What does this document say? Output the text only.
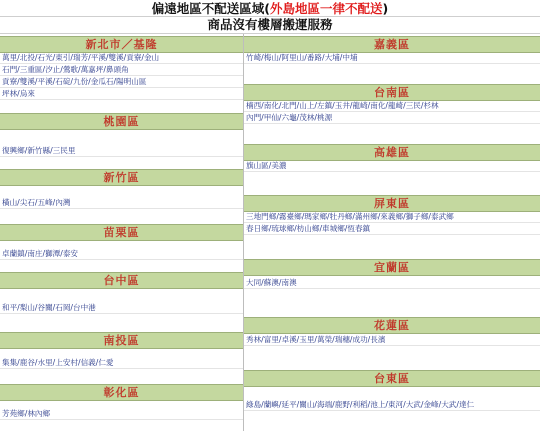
偏遠地區不配送區域(外島地區一律不配送)
商品沒有樓層搬運服務
新北市／基隆
萬里/北投/石光/東引/瑞芳/平溪/雙溪/貢寮/金山
石門/三重區/汐止/鶯歌/萬嘉坪/鼻頭角
貢寮/雙溪/平溪/石碇/九份/金瓜石/陽明山區
坪林/烏來
桃園區
復興鄉/新竹縣/三民里
新竹區
橫山/尖石/五峰/內灣
苗栗區
卓蘭鎮/南庄/獅潭/泰安
台中區
和平/梨山/谷關/石岡/台中港
南投區
集集/鹿谷/水里/上安村/信義/仁愛
彰化區
芳苑鄉/林內鄉
嘉義區
竹崎/梅山/阿里山/番路/大埔/中埔
台南區
楠西/南化/北門/山上/左鎮/玉井/龍崎/南化/龍崎/三民/杉林
內門/甲仙/六龜/茂林/桃源
高雄區
旗山區/美濃
屏東區
三地門鄉/霧臺鄉/瑪家鄉/牡丹鄉/滿州鄉/來義鄉/獅子鄉/泰武鄉
春日鄉/琉球鄉/枋山鄉/車城鄉/恆春鎮
宜蘭區
大同/蘇澳/南澳
花蓮區
秀林/富里/卓溪/玉里/萬榮/瑞穗/成功/長濱
台東區
綠島/蘭嶼/延平/關山/海端/鹿野/利稻/池上/東河/大武/金峰/大武/達仁
